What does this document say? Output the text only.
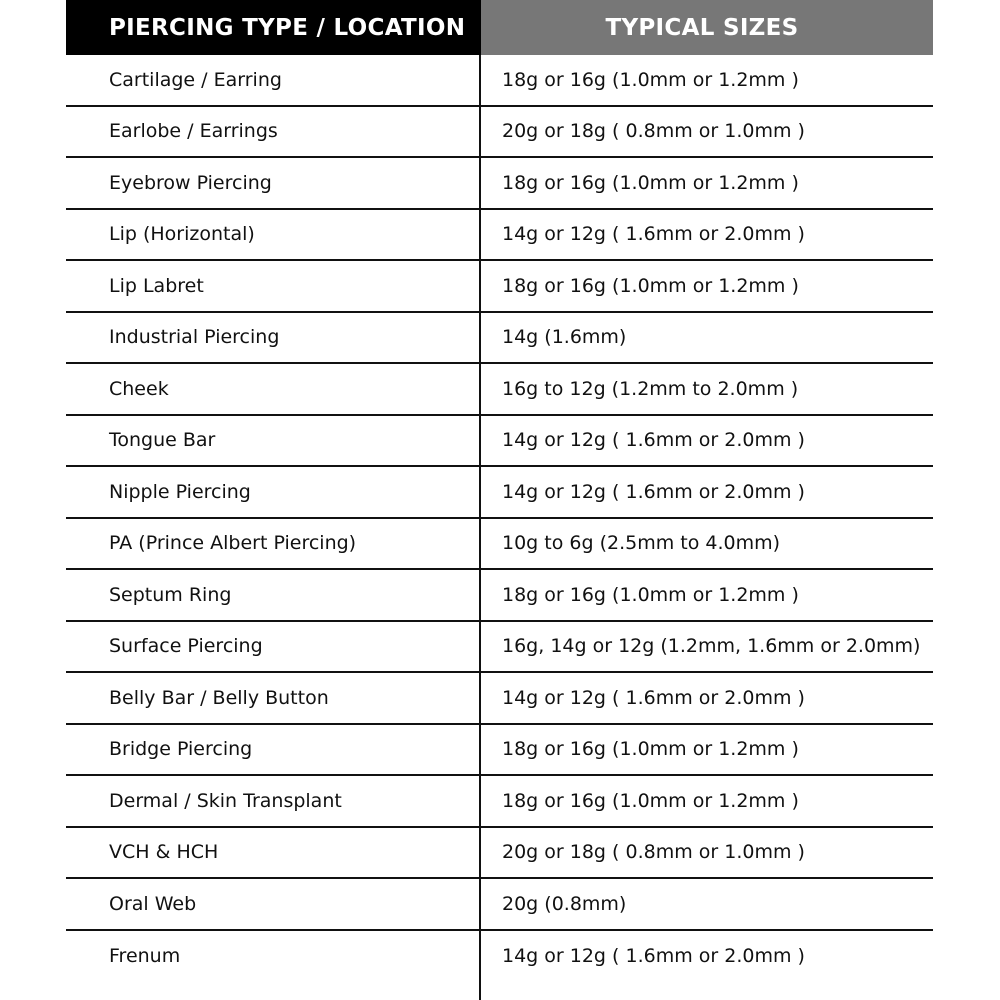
PIERCING TYPE / LOCATION	TYPICAL SIZES
Cartilage / Earring	18g or 16g (1.0mm or 1.2mm )
Earlobe / Earrings	20g or 18g ( 0.8mm or 1.0mm )
Eyebrow Piercing	18g or 16g (1.0mm or 1.2mm )
Lip (Horizontal)	14g or 12g ( 1.6mm or 2.0mm )
Lip Labret	18g or 16g (1.0mm or 1.2mm )
Industrial Piercing	14g (1.6mm)
Cheek	16g to 12g (1.2mm to 2.0mm )
Tongue Bar	14g or 12g ( 1.6mm or 2.0mm )
Nipple Piercing	14g or 12g ( 1.6mm or 2.0mm )
PA (Prince Albert Piercing)	10g to 6g (2.5mm to 4.0mm)
Septum Ring	18g or 16g (1.0mm or 1.2mm )
Surface Piercing	16g, 14g or 12g (1.2mm, 1.6mm or 2.0mm)
Belly Bar / Belly Button	14g or 12g ( 1.6mm or 2.0mm )
Bridge Piercing	18g or 16g (1.0mm or 1.2mm )
Dermal / Skin Transplant	18g or 16g (1.0mm or 1.2mm )
VCH & HCH	20g or 18g ( 0.8mm or 1.0mm )
Oral Web	20g (0.8mm)
Frenum	14g or 12g ( 1.6mm or 2.0mm )
